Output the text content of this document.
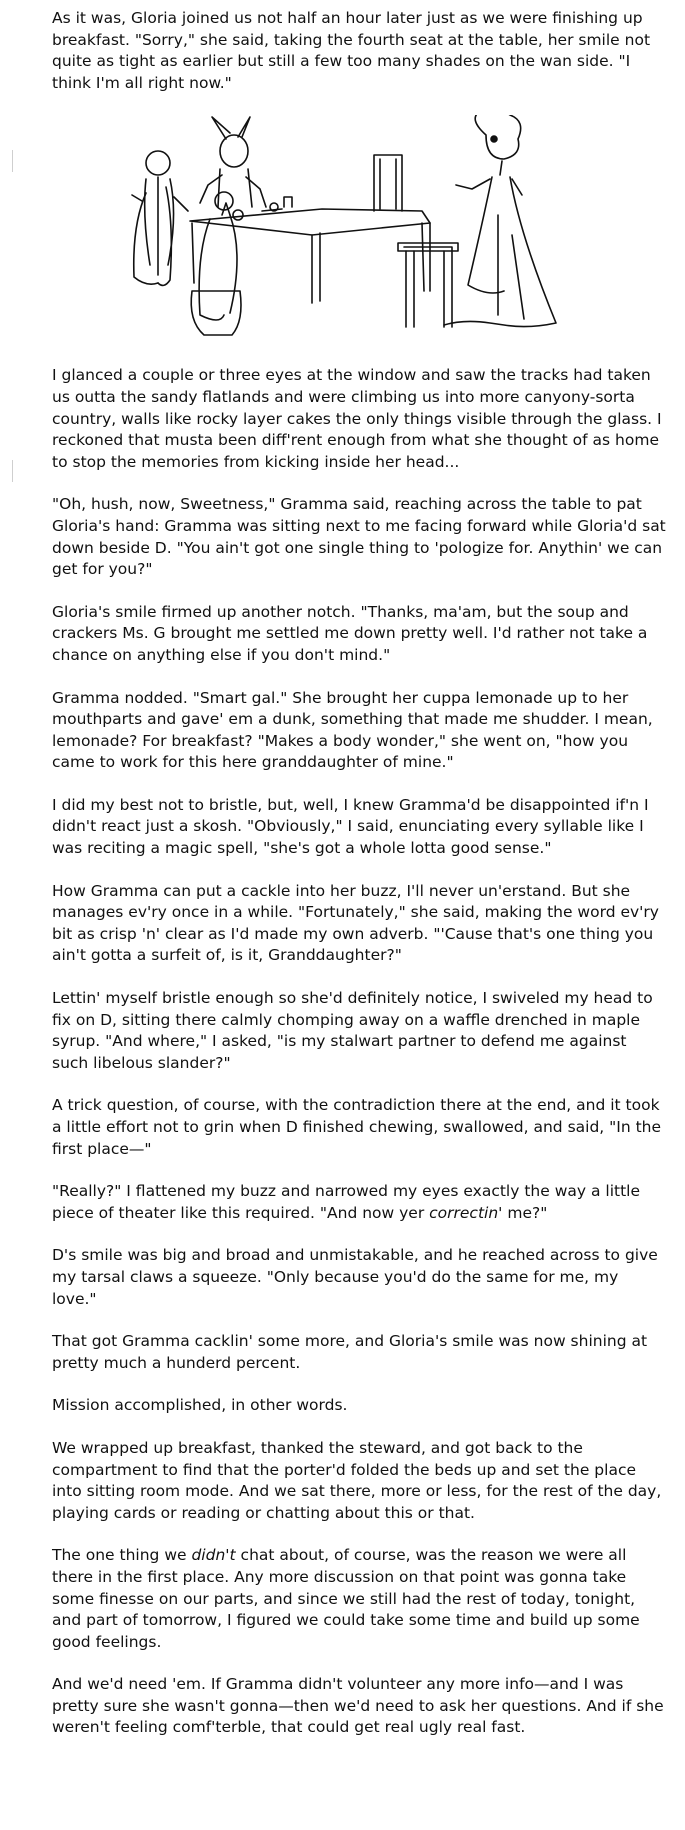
As it was, Gloria joined us not half an hour later just as we were finishing up breakfast. "Sorry," she said, taking the fourth seat at the table, her smile not quite as tight as earlier but still a few too many shades on the wan side. "I think I'm all right now."

I glanced a couple or three eyes at the window and saw the tracks had taken us outta the sandy flatlands and were climbing us into more canyony-sorta country, walls like rocky layer cakes the only things visible through the glass. I reckoned that musta been diff'rent enough from what she thought of as home to stop the memories from kicking inside her head...

"Oh, hush, now, Sweetness," Gramma said, reaching across the table to pat Gloria's hand: Gramma was sitting next to me facing forward while Gloria'd sat down beside D. "You ain't got one single thing to 'pologize for. Anythin' we can get for you?"

Gloria's smile firmed up another notch. "Thanks, ma'am, but the soup and crackers Ms. G brought me settled me down pretty well. I'd rather not take a chance on anything else if you don't mind."

Gramma nodded. "Smart gal." She brought her cuppa lemonade up to her mouthparts and gave' em a dunk, something that made me shudder. I mean, lemonade? For breakfast? "Makes a body wonder," she went on, "how you came to work for this here granddaughter of mine."

I did my best not to bristle, but, well, I knew Gramma'd be disappointed if'n I didn't react just a skosh. "Obviously," I said, enunciating every syllable like I was reciting a magic spell, "she's got a whole lotta good sense."

How Gramma can put a cackle into her buzz, I'll never un'erstand. But she manages ev'ry once in a while. "Fortunately," she said, making the word ev'ry bit as crisp 'n' clear as I'd made my own adverb. "'Cause that's one thing you ain't gotta a surfeit of, is it, Granddaughter?"

Lettin' myself bristle enough so she'd definitely notice, I swiveled my head to fix on D, sitting there calmly chomping away on a waffle drenched in maple syrup. "And where," I asked, "is my stalwart partner to defend me against such libelous slander?"

A trick question, of course, with the contradiction there at the end, and it took a little effort not to grin when D finished chewing, swallowed, and said, "In the first place—"

"Really?" I flattened my buzz and narrowed my eyes exactly the way a little piece of theater like this required. "And now yer correctin' me?"

D's smile was big and broad and unmistakable, and he reached across to give my tarsal claws a squeeze. "Only because you'd do the same for me, my love."

That got Gramma cacklin' some more, and Gloria's smile was now shining at pretty much a hunderd percent.

Mission accomplished, in other words.

We wrapped up breakfast, thanked the steward, and got back to the compartment to find that the porter'd folded the beds up and set the place into sitting room mode. And we sat there, more or less, for the rest of the day, playing cards or reading or chatting about this or that.

The one thing we didn't chat about, of course, was the reason we were all there in the first place. Any more discussion on that point was gonna take some finesse on our parts, and since we still had the rest of today, tonight, and part of tomorrow, I figured we could take some time and build up some good feelings.

And we'd need 'em. If Gramma didn't volunteer any more info—and I was pretty sure she wasn't gonna—then we'd need to ask her questions. And if she weren't feeling comf'terble, that could get real ugly real fast.
